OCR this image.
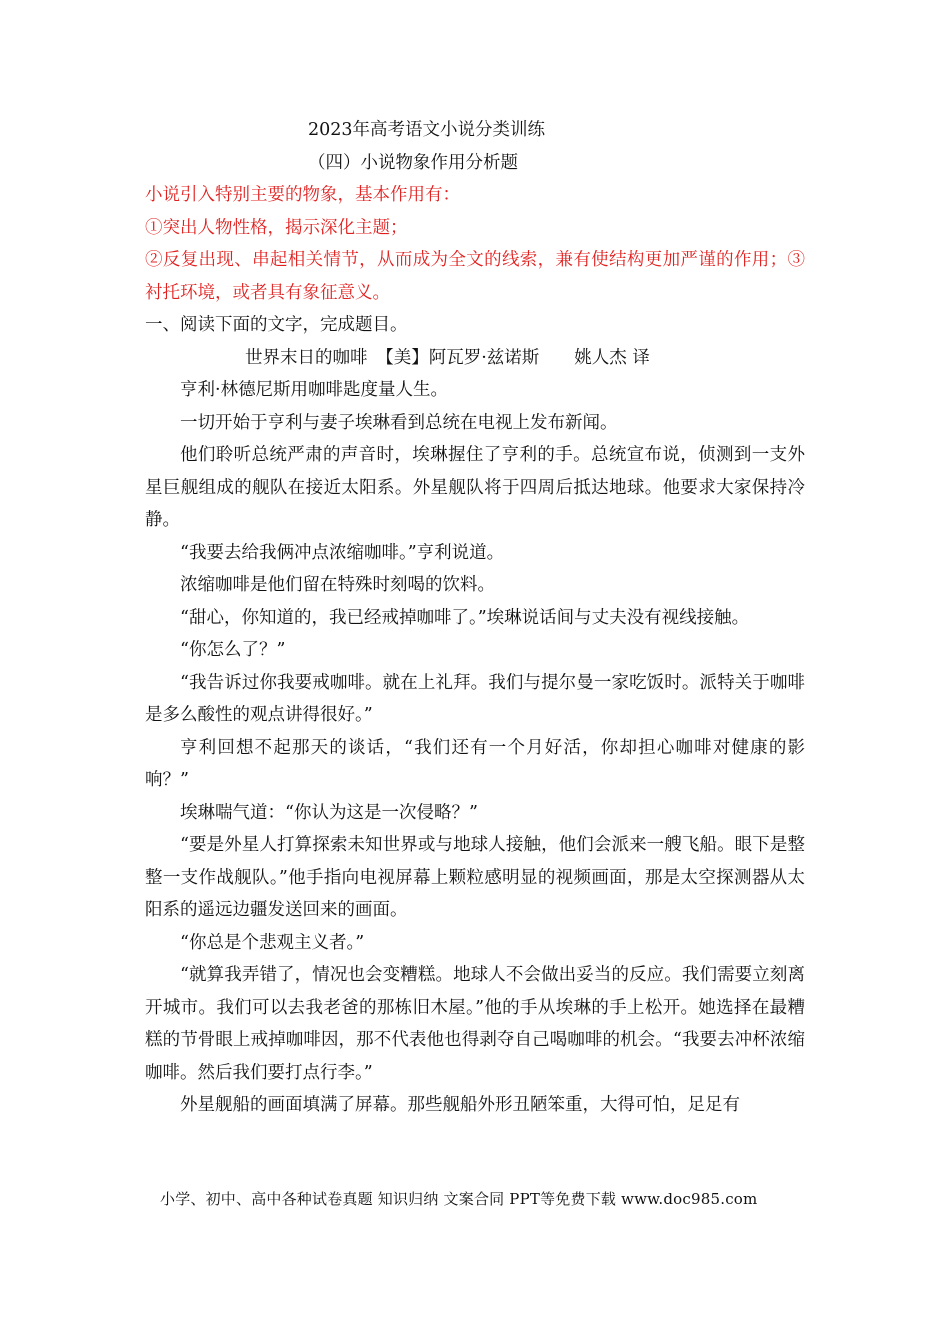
2023年高考语文小说分类训练
（四）小说物象作用分析题
小说引入特别主要的物象，基本作用有：
①突出人物性格，揭示深化主题；
②反复出现、串起相关情节，从而成为全文的线索，兼有使结构更加严谨的作用；③衬托环境，或者具有象征意义。
一、阅读下面的文字，完成题目。
世界末日的咖啡　【美】阿瓦罗·兹诺斯　　姚人杰 译
亨利·林德尼斯用咖啡匙度量人生。
一切开始于亨利与妻子埃琳看到总统在电视上发布新闻。
他们聆听总统严肃的声音时，埃琳握住了亨利的手。总统宣布说，侦测到一支外星巨舰组成的舰队在接近太阳系。外星舰队将于四周后抵达地球。他要求大家保持冷静。
“我要去给我俩冲点浓缩咖啡。”亨利说道。
浓缩咖啡是他们留在特殊时刻喝的饮料。
“甜心，你知道的，我已经戒掉咖啡了。”埃琳说话间与丈夫没有视线接触。
“你怎么了？”
“我告诉过你我要戒咖啡。就在上礼拜。我们与提尔曼一家吃饭时。派特关于咖啡是多么酸性的观点讲得很好。”
亨利回想不起那天的谈话，“我们还有一个月好活，你却担心咖啡对健康的影响？”
埃琳喘气道：“你认为这是一次侵略？”
“要是外星人打算探索未知世界或与地球人接触，他们会派来一艘飞船。眼下是整整一支作战舰队。”他手指向电视屏幕上颗粒感明显的视频画面，那是太空探测器从太阳系的遥远边疆发送回来的画面。
“你总是个悲观主义者。”
“就算我弄错了，情况也会变糟糕。地球人不会做出妥当的反应。我们需要立刻离开城市。我们可以去我老爸的那栋旧木屋。”他的手从埃琳的手上松开。她选择在最糟糕的节骨眼上戒掉咖啡因，那不代表他也得剥夺自己喝咖啡的机会。“我要去冲杯浓缩咖啡。然后我们要打点行李。”
外星舰船的画面填满了屏幕。那些舰船外形丑陋笨重，大得可怕，足足有
小学、初中、高中各种试卷真题 知识归纳 文案合同 PPT等免费下载 www.doc985.com
